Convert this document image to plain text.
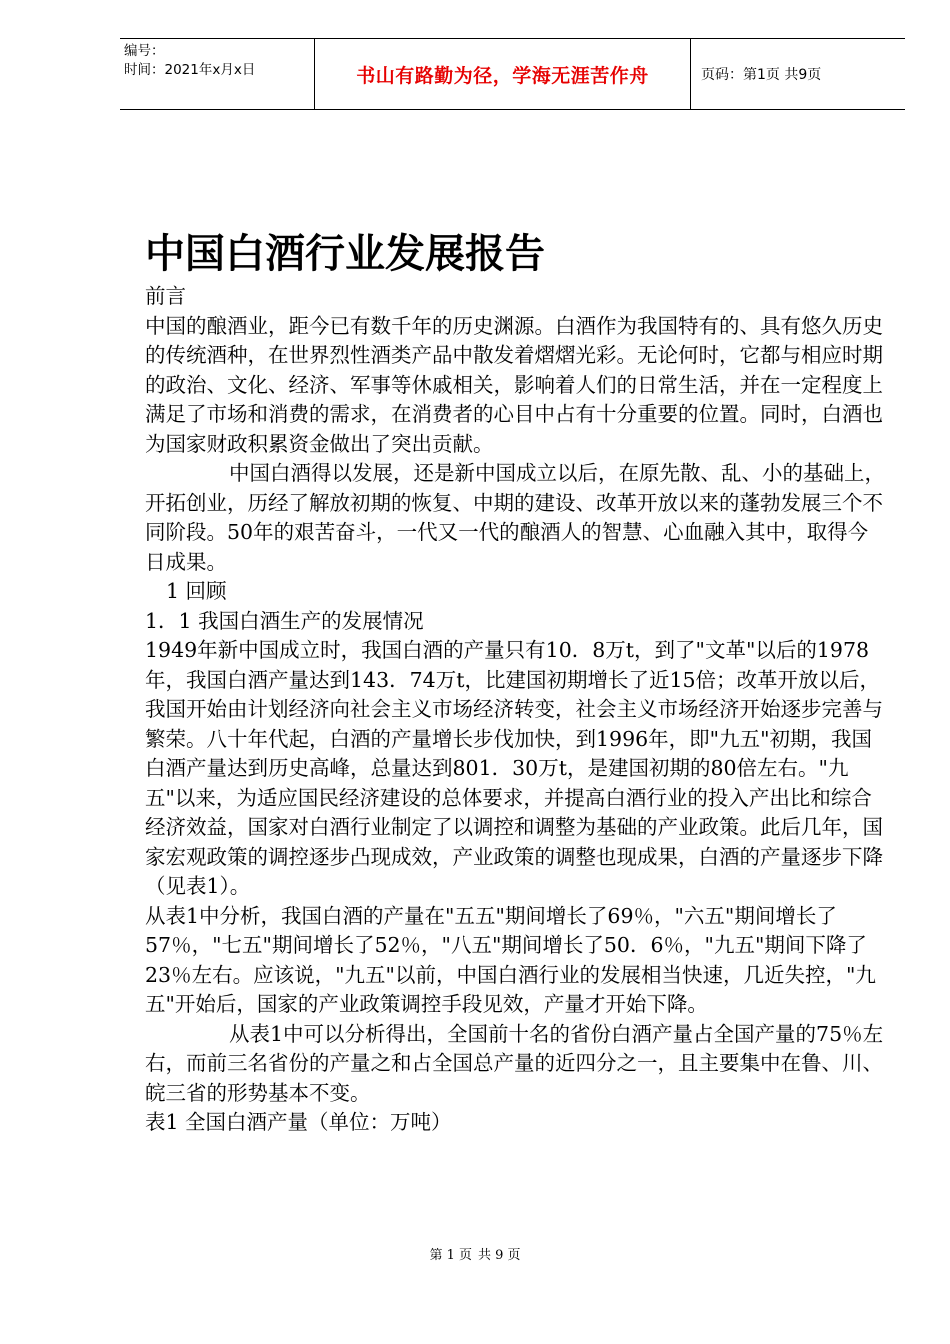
编号：
时间：2021年x月x日	书山有路勤为径，学海无涯苦作舟	页码：第1页 共9页
中国白酒行业发展报告

前言

中国的酿酒业，距今已有数千年的历史渊源。白酒作为我国特有的、具有悠久历史的传统酒种，在世界烈性酒类产品中散发着熠熠光彩。无论何时，它都与相应时期的政治、文化、经济、军事等休戚相关，影响着人们的日常生活，并在一定程度上满足了市场和消费的需求，在消费者的心目中占有十分重要的位置。同时，白酒也为国家财政积累资金做出了突出贡献。

中国白酒得以发展，还是新中国成立以后，在原先散、乱、小的基础上，开拓创业，历经了解放初期的恢复、中期的建设、改革开放以来的蓬勃发展三个不同阶段。50年的艰苦奋斗，一代又一代的酿酒人的智慧、心血融入其中，取得今日成果。

1 回顾

1．1 我国白酒生产的发展情况

1949年新中国成立时，我国白酒的产量只有10．8万t，到了"文革"以后的1978年，我国白酒产量达到143．74万t，比建国初期增长了近15倍；改革开放以后，我国开始由计划经济向社会主义市场经济转变，社会主义市场经济开始逐步完善与繁荣。八十年代起，白酒的产量增长步伐加快，到1996年，即"九五"初期，我国白酒产量达到历史高峰，总量达到801．30万t，是建国初期的80倍左右。"九五"以来，为适应国民经济建设的总体要求，并提高白酒行业的投入产出比和综合经济效益，国家对白酒行业制定了以调控和调整为基础的产业政策。此后几年，国家宏观政策的调控逐步凸现成效，产业政策的调整也现成果，白酒的产量逐步下降（见表1）。

从表1中分析，我国白酒的产量在"五五"期间增长了69％，"六五"期间增长了57％，"七五"期间增长了52％，"八五"期间增长了50．6％，"九五"期间下降了23％左右。应该说，"九五"以前，中国白酒行业的发展相当快速，几近失控，"九五"开始后，国家的产业政策调控手段见效，产量才开始下降。

从表1中可以分析得出，全国前十名的省份白酒产量占全国产量的75％左右，而前三名省份的产量之和占全国总产量的近四分之一，且主要集中在鲁、川、皖三省的形势基本不变。

表1 全国白酒产量（单位：万吨）

第 1 页 共 9 页
